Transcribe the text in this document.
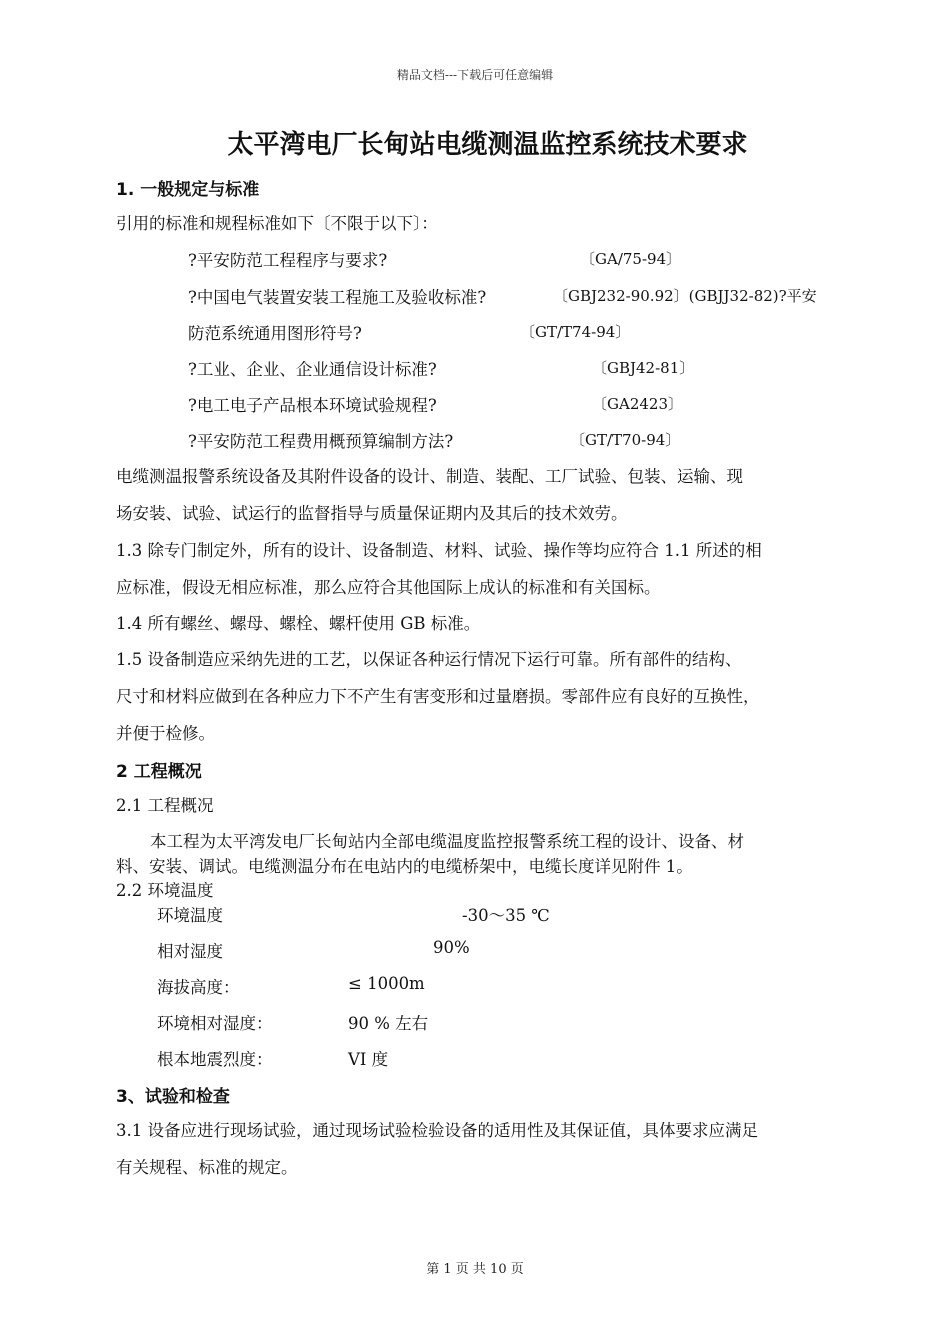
精品文档---下载后可任意编辑
太平湾电厂长甸站电缆测温监控系统技术要求
1. 一般规定与标准
引用的标准和规程标准如下〔不限于以下〕：
?平安防范工程程序与要求?	〔GA/75-94〕
?中国电气装置安装工程施工及验收标准?	〔GBJ232-90.92〕(GBJJ32-82)?平安
防范系统通用图形符号?	〔GT/T74-94〕
?工业、企业、企业通信设计标准?	〔GBJ42-81〕
?电工电子产品根本环境试验规程?	〔GA2423〕
?平安防范工程费用概预算编制方法?	〔GT/T70-94〕
电缆测温报警系统设备及其附件设备的设计、制造、装配、工厂试验、包装、运输、现
场安装、试验、试运行的监督指导与质量保证期内及其后的技术效劳。
1.3 除专门制定外，所有的设计、设备制造、材料、试验、操作等均应符合 1.1 所述的相
应标准，假设无相应标准，那么应符合其他国际上成认的标准和有关国标。
1.4 所有螺丝、螺母、螺栓、螺杆使用 GB 标准。
1.5 设备制造应采纳先进的工艺，以保证各种运行情况下运行可靠。所有部件的结构、
尺寸和材料应做到在各种应力下不产生有害变形和过量磨损。零部件应有良好的互换性，
并便于检修。
2 工程概况
2.1 工程概况
本工程为太平湾发电厂长甸站内全部电缆温度监控报警系统工程的设计、设备、材
料、安装、调试。电缆测温分布在电站内的电缆桥架中，电缆长度详见附件 1。
2.2 环境温度
环境温度	-30～35 ℃
相对湿度	90%
海拔高度：	≤ 1000m
环境相对湿度：	90 % 左右
根本地震烈度：	VI 度
3、试验和检查
3.1 设备应进行现场试验，通过现场试验检验设备的适用性及其保证值，具体要求应满足
有关规程、标准的规定。
第 1 页 共 10 页
